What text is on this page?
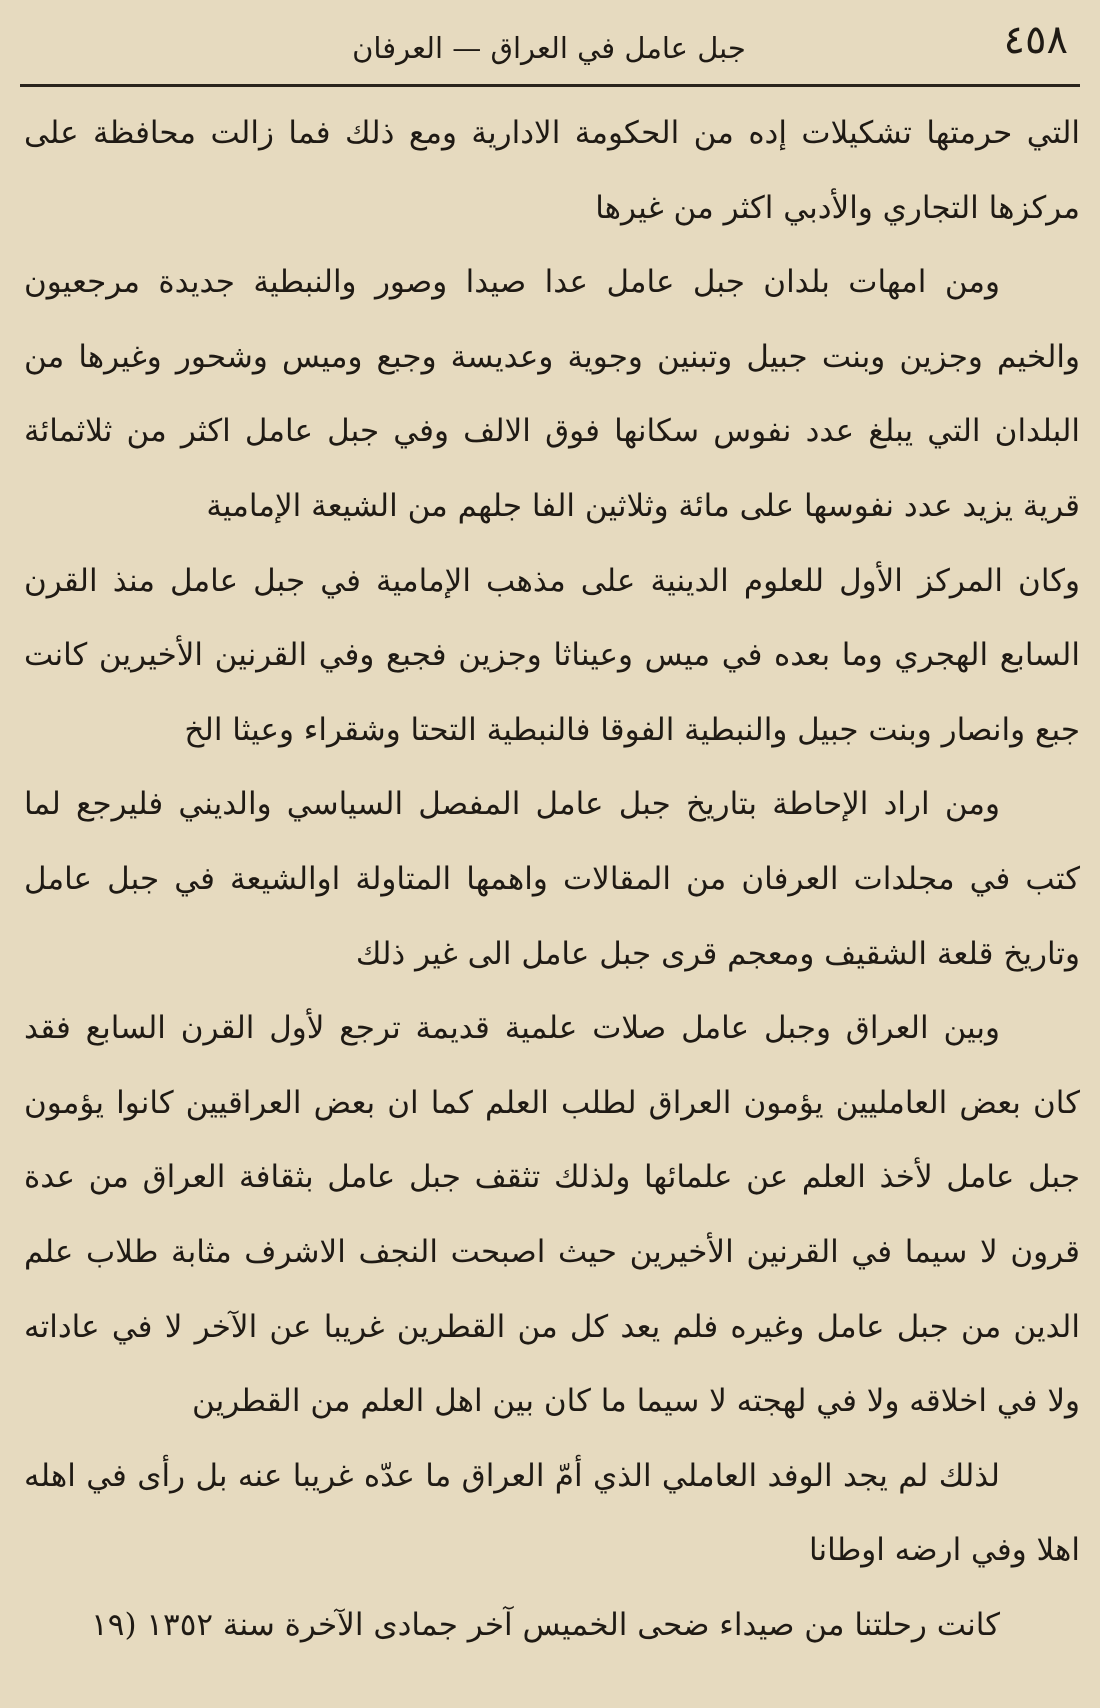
٤٥٨
جبل عامل في العراق — العرفان

التي حرمتها تشكيلات إده من الحكومة الادارية ومع ذلك فما زالت محافظة على مركزها التجاري والأدبي اكثر من غيرها

ومن امهات بلدان جبل عامل عدا صيدا وصور والنبطية جديدة مرجعيون والخيم وجزين وبنت جبيل وتبنين وجوية وعديسة وجبع وميس وشحور وغيرها من البلدان التي يبلغ عدد نفوس سكانها فوق الالف وفي جبل عامل اكثر من ثلاثمائة قرية يزيد عدد نفوسها على مائة وثلاثين الفا جلهم من الشيعة الإمامية

وكان المركز الأول للعلوم الدينية على مذهب الإمامية في جبل عامل منذ القرن السابع الهجري وما بعده في ميس وعيناثا وجزين فجبع وفي القرنين الأخيرين كانت جبع وانصار وبنت جبيل والنبطية الفوقا فالنبطية التحتا وشقراء وعيثا الخ

ومن اراد الإحاطة بتاريخ جبل عامل المفصل السياسي والديني فليرجع لما كتب في مجلدات العرفان من المقالات واهمها المتاولة اوالشيعة في جبل عامل وتاريخ قلعة الشقيف ومعجم قرى جبل عامل الى غير ذلك

وبين العراق وجبل عامل صلات علمية قديمة ترجع لأول القرن السابع فقد كان بعض العامليين يؤمون العراق لطلب العلم كما ان بعض العراقيين كانوا يؤمون جبل عامل لأخذ العلم عن علمائها ولذلك تثقف جبل عامل بثقافة العراق من عدة قرون لا سيما في القرنين الأخيرين حيث اصبحت النجف الاشرف مثابة طلاب علم الدين من جبل عامل وغيره فلم يعد كل من القطرين غريبا عن الآخر لا في عاداته ولا في اخلاقه ولا في لهجته لا سيما ما كان بين اهل العلم من القطرين

لذلك لم يجد الوفد العاملي الذي أمّ العراق ما عدّه غريبا عنه بل رأى في اهله اهلا وفي ارضه اوطانا

كانت رحلتنا من صيداء ضحى الخميس آخر جمادى الآخرة سنة ١٣٥٢ (١٩
